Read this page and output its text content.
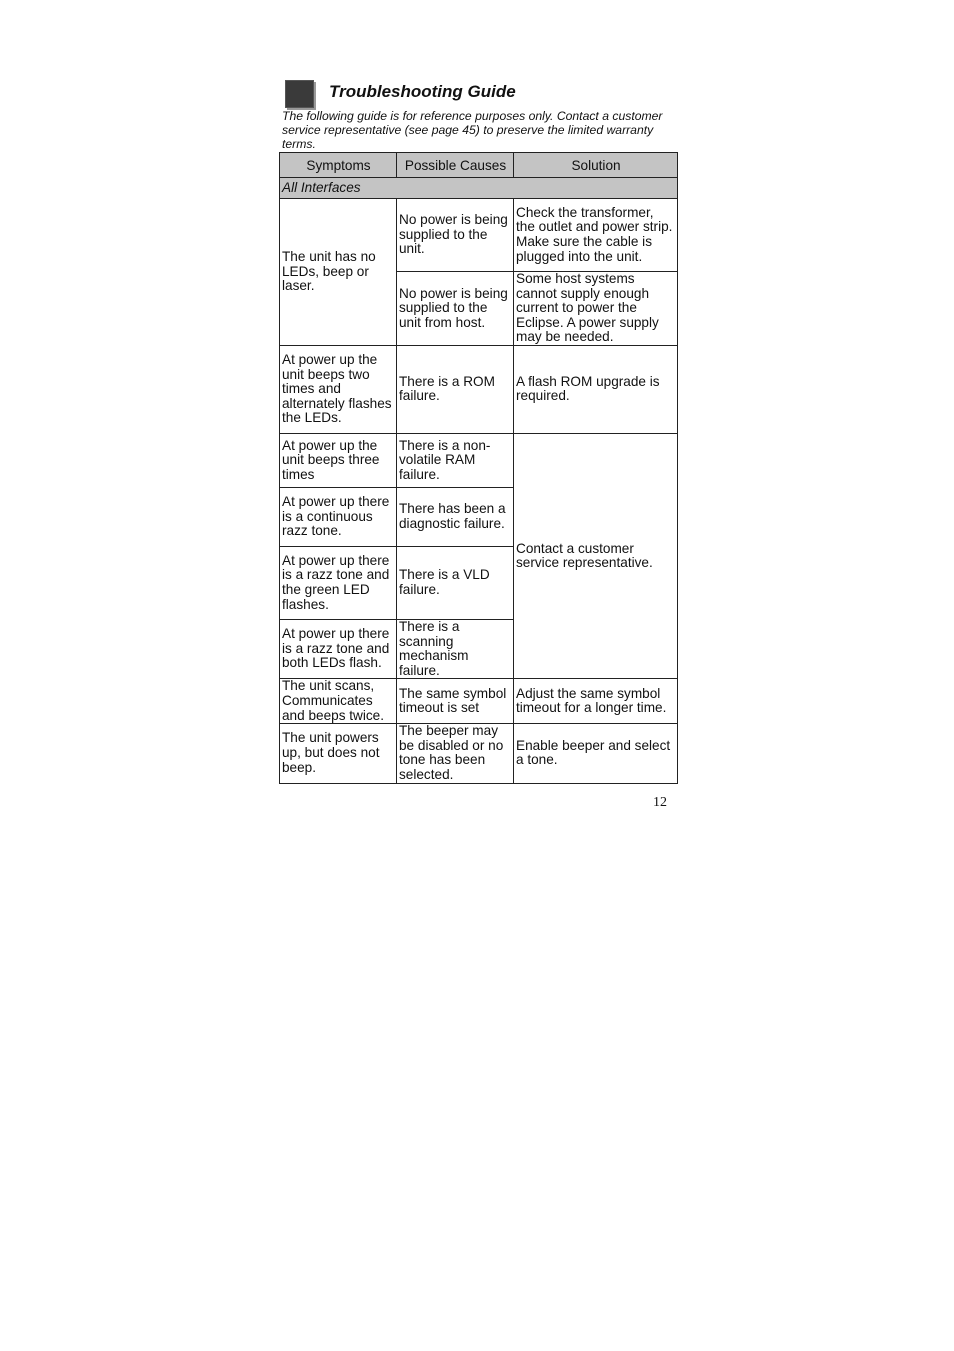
Troubleshooting Guide

The following guide is for reference purposes only. Contact a customer service representative (see page 45) to preserve the limited warranty terms.

Symptoms	Possible Causes	Solution
All Interfaces		
The unit has no LEDs, beep or laser.	No power is being supplied to the unit.	Check the transformer, the outlet and power strip. Make sure the cable is plugged into the unit.
	No power is being supplied to the unit from host.	Some host systems cannot supply enough current to power the Eclipse. A power supply may be needed.
At power up the unit beeps two times and alternately flashes the LEDs.	There is a ROM failure.	A flash ROM upgrade is required.
At power up the unit beeps three times	There is a non-volatile RAM failure.	Contact a customer service representative.
At power up there is a continuous razz tone.	There has been a diagnostic failure.	
At power up there is a razz tone and the green LED flashes.	There is a VLD failure.	
At power up there is a razz tone and both LEDs flash.	There is a scanning mechanism failure.	
The unit scans, Communicates and beeps twice.	The same symbol timeout is set	Adjust the same symbol timeout for a longer time.
The unit powers up, but does not beep.	The beeper may be disabled or no tone has been selected.	Enable beeper and select a tone.
12
